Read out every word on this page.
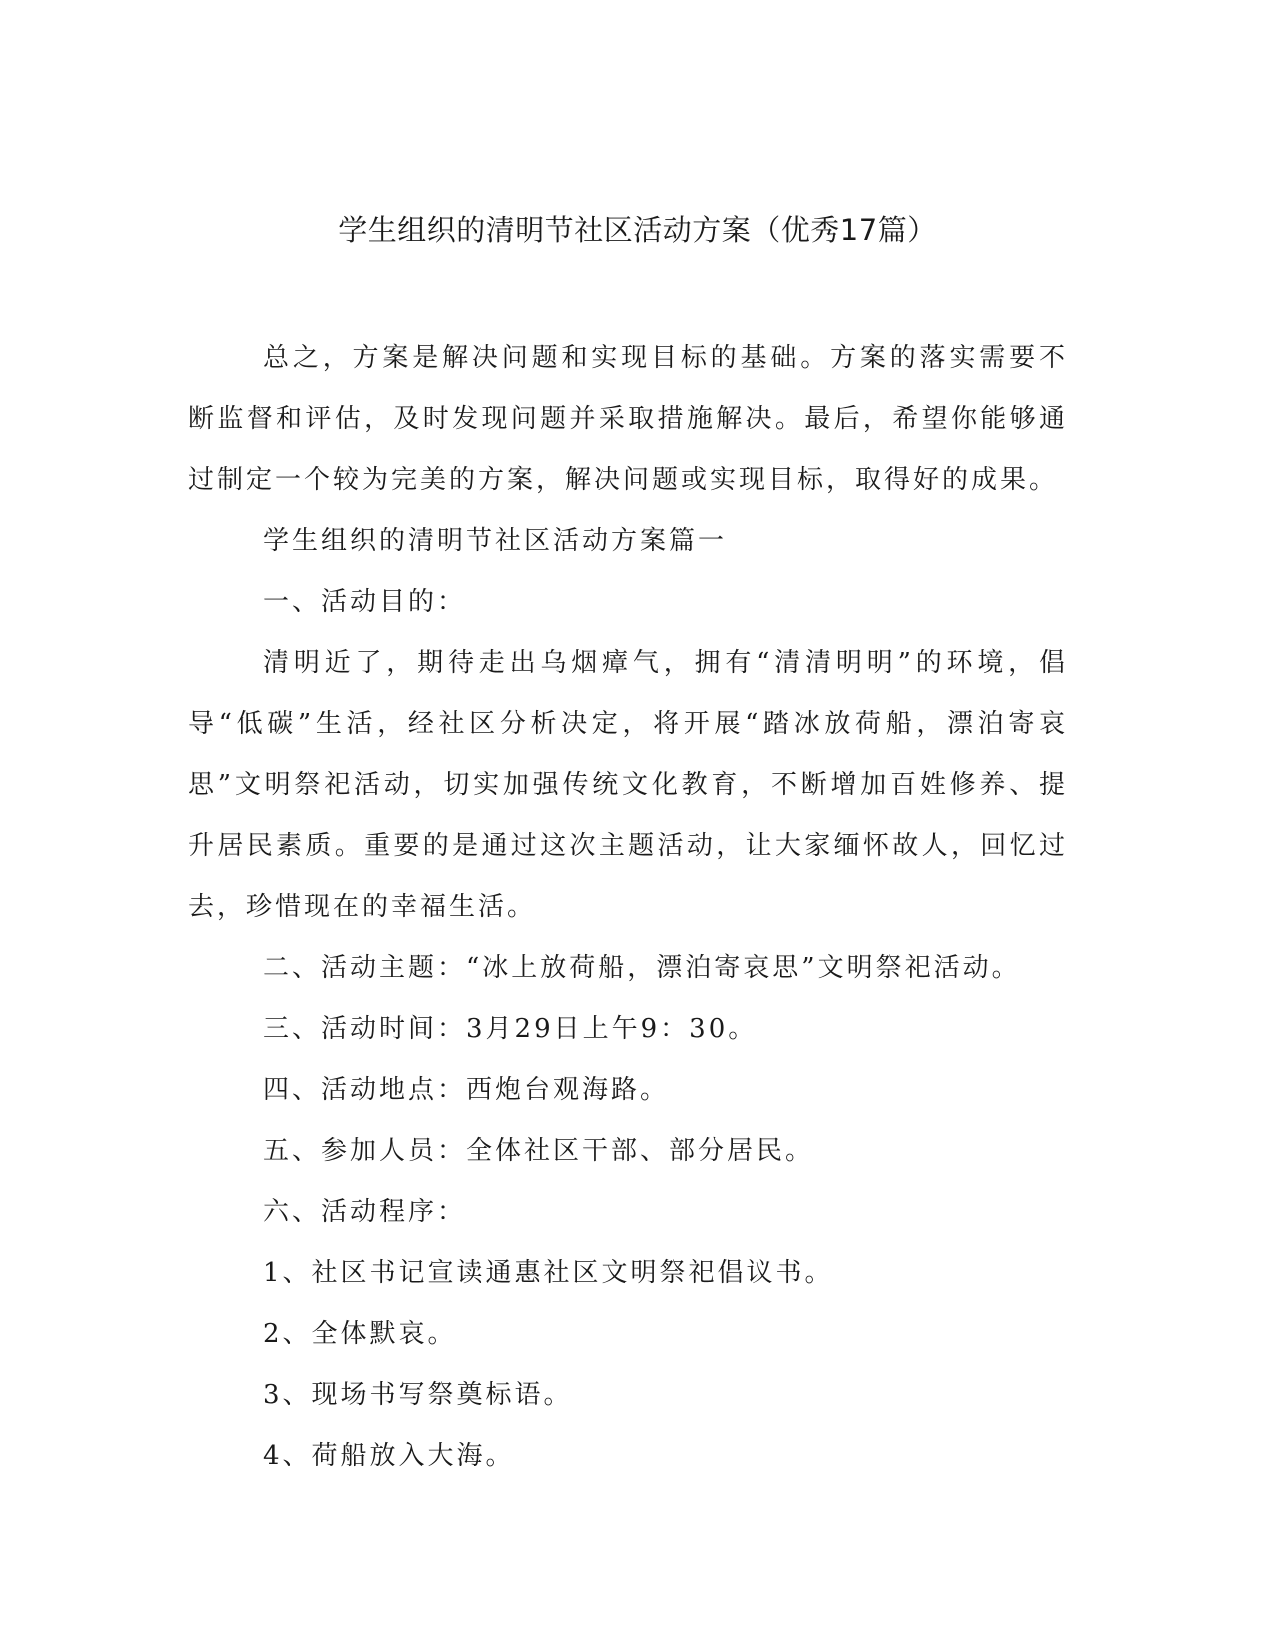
学生组织的清明节社区活动方案（优秀17篇）

总之，方案是解决问题和实现目标的基础。方案的落实需要不断监督和评估，及时发现问题并采取措施解决。最后，希望你能够通过制定一个较为完美的方案，解决问题或实现目标，取得好的成果。

学生组织的清明节社区活动方案篇一

一、活动目的：

清明近了，期待走出乌烟瘴气，拥有“清清明明”的环境，倡导“低碳”生活，经社区分析决定，将开展“踏冰放荷船，漂泊寄哀思”文明祭祀活动，切实加强传统文化教育，不断增加百姓修养、提升居民素质。重要的是通过这次主题活动，让大家缅怀故人，回忆过去，珍惜现在的幸福生活。

二、活动主题：“冰上放荷船，漂泊寄哀思”文明祭祀活动。

三、活动时间：3月29日上午9：30。

四、活动地点：西炮台观海路。

五、参加人员：全体社区干部、部分居民。

六、活动程序：

1、社区书记宣读通惠社区文明祭祀倡议书。

2、全体默哀。

3、现场书写祭奠标语。

4、荷船放入大海。
